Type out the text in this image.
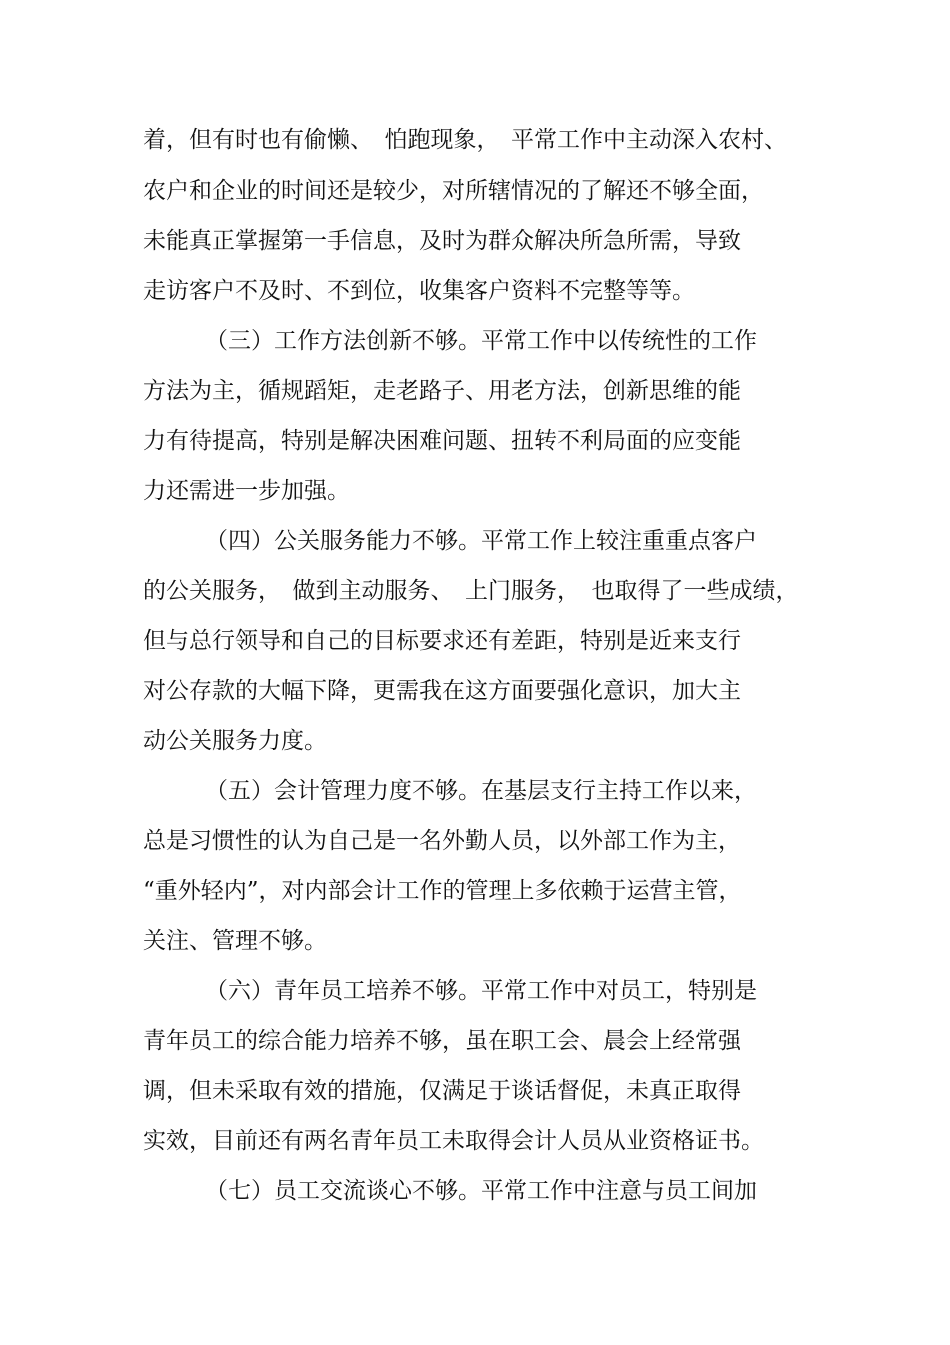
着，但有时也有偷懒、　怕跑现象，　平常工作中主动深入农村、
农户和企业的时间还是较少，对所辖情况的了解还不够全面，
未能真正掌握第一手信息，及时为群众解决所急所需，导致
走访客户不及时、不到位，收集客户资料不完整等等。
（三）工作方法创新不够。平常工作中以传统性的工作
方法为主，循规蹈矩，走老路子、用老方法，创新思维的能
力有待提高，特别是解决困难问题、扭转不利局面的应变能
力还需进一步加强。
（四）公关服务能力不够。平常工作上较注重重点客户
的公关服务，　做到主动服务、　上门服务，　也取得了一些成绩，
但与总行领导和自己的目标要求还有差距，特别是近来支行
对公存款的大幅下降，更需我在这方面要强化意识，加大主
动公关服务力度。
（五）会计管理力度不够。在基层支行主持工作以来，
总是习惯性的认为自己是一名外勤人员，以外部工作为主，
“重外轻内”，对内部会计工作的管理上多依赖于运营主管，
关注、管理不够。
（六）青年员工培养不够。平常工作中对员工，特别是
青年员工的综合能力培养不够，虽在职工会、晨会上经常强
调，但未采取有效的措施，仅满足于谈话督促，未真正取得
实效，目前还有两名青年员工未取得会计人员从业资格证书。
（七）员工交流谈心不够。平常工作中注意与员工间加
